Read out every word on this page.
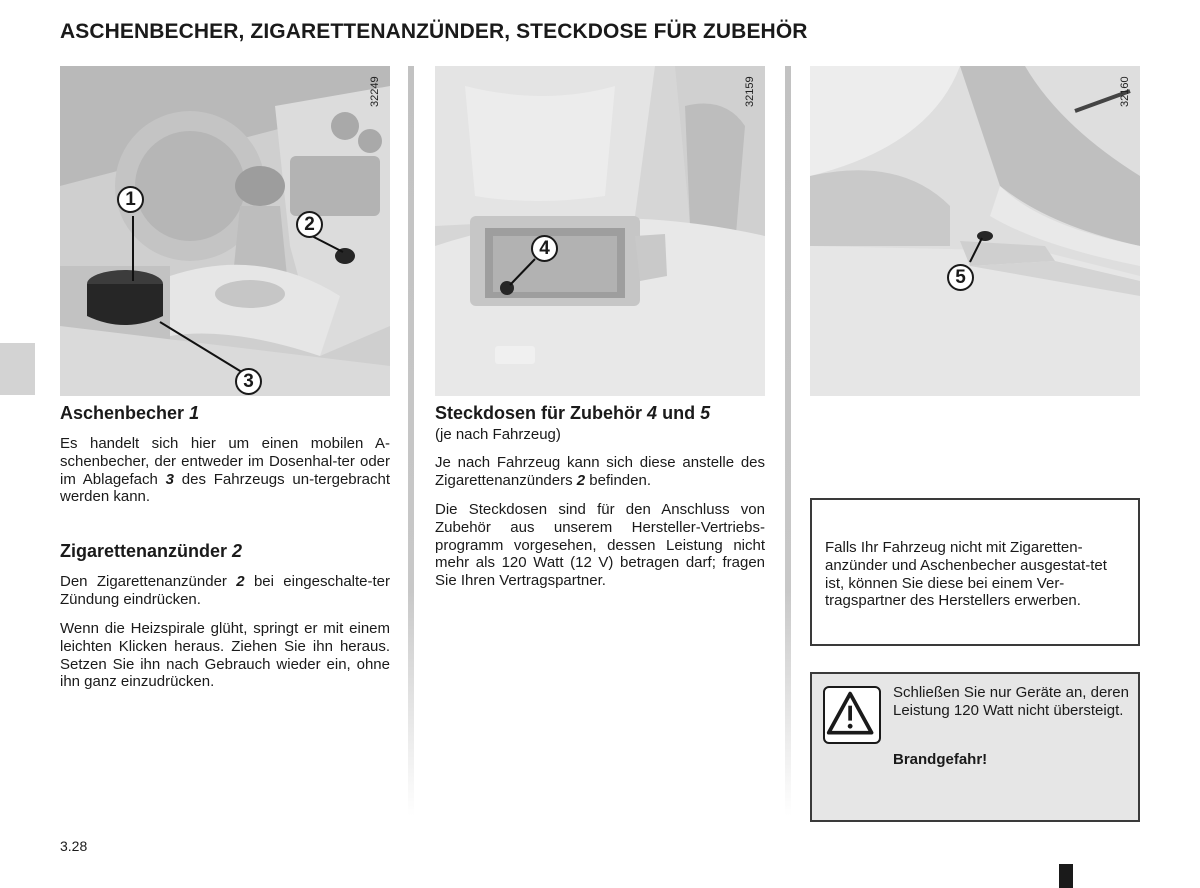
ASCHENBECHER, ZIGARETTENANZÜNDER, STECKDOSE FÜR ZUBEHÖR
32249
1
2
3
32159
4
32160
5
Aschenbecher 1
Es handelt sich hier um einen mobilen A-schenbecher, der entweder im Dosenhal-ter oder im Ablagefach 3 des Fahrzeugs un-tergebracht werden kann.
Zigarettenanzünder 2
Den Zigarettenanzünder 2 bei eingeschalte-ter Zündung eindrücken.
Wenn die Heizspirale glüht, springt er mit einem leichten Klicken heraus. Ziehen Sie ihn heraus. Setzen Sie ihn nach Gebrauch wieder ein, ohne ihn ganz einzudrücken.
Steckdosen für Zubehör 4 und 5
(je nach Fahrzeug)
Je nach Fahrzeug kann sich diese anstelle des Zigarettenanzünders 2 befinden.
Die Steckdosen sind für den Anschluss von Zubehör aus unserem Hersteller-Vertriebs-programm vorgesehen, dessen Leistung nicht mehr als 120 Watt (12 V) betragen darf; fragen Sie Ihren Vertragspartner.
Falls Ihr Fahrzeug nicht mit Zigaretten-anzünder und Aschenbecher ausgestat-tet ist, können Sie diese bei einem Ver-tragspartner des Herstellers erwerben.
Schließen Sie nur Geräte an, deren Leistung 120 Watt nicht übersteigt.
Brandgefahr!
3.28
